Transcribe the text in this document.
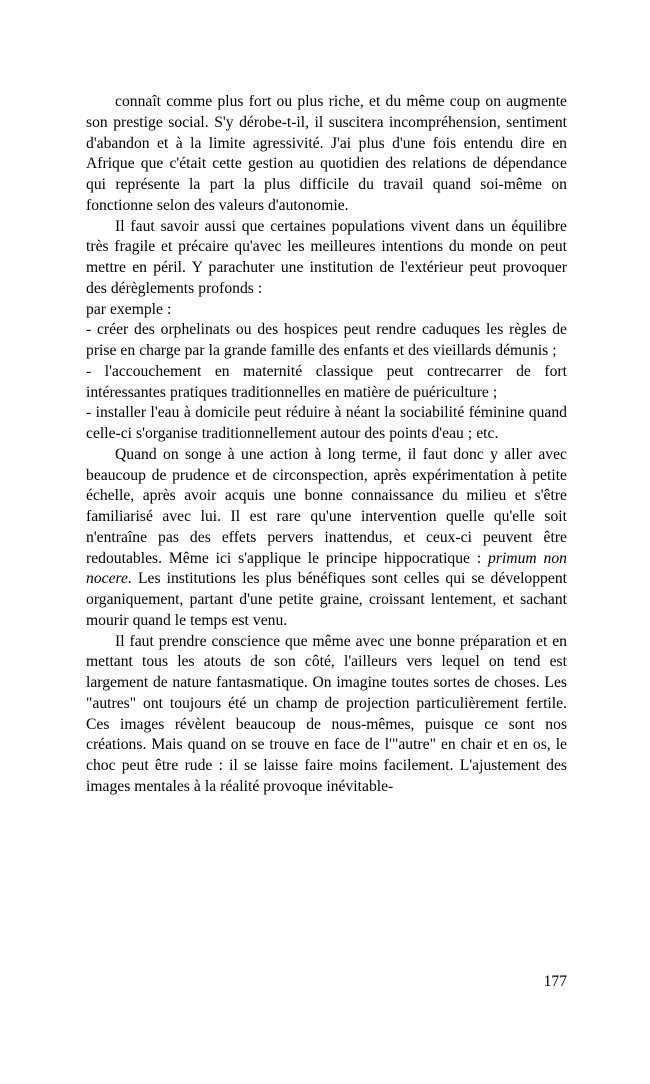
connaît comme plus fort ou plus riche, et du même coup on augmente son prestige social. S'y dérobe-t-il, il suscitera incompréhension, sentiment d'abandon et à la limite agressivité. J'ai plus d'une fois entendu dire en Afrique que c'était cette gestion au quotidien des relations de dépendance qui représente la part la plus difficile du travail quand soi-même on fonctionne selon des valeurs d'autonomie.

Il faut savoir aussi que certaines populations vivent dans un équilibre très fragile et précaire qu'avec les meilleures intentions du monde on peut mettre en péril. Y parachuter une institution de l'extérieur peut provoquer des dérèglements profonds :

par exemple :

- créer des orphelinats ou des hospices peut rendre caduques les règles de prise en charge par la grande famille des enfants et des vieillards démunis ;

- l'accouchement en maternité classique peut contrecarrer de fort intéressantes pratiques traditionnelles en matière de puériculture ;

- installer l'eau à domicile peut réduire à néant la sociabilité féminine quand celle-ci s'organise traditionnellement autour des points d'eau ; etc.

Quand on songe à une action à long terme, il faut donc y aller avec beaucoup de prudence et de circonspection, après expérimentation à petite échelle, après avoir acquis une bonne connaissance du milieu et s'être familiarisé avec lui. Il est rare qu'une intervention quelle qu'elle soit n'entraîne pas des effets pervers inattendus, et ceux-ci peuvent être redoutables. Même ici s'applique le principe hippocratique : primum non nocere. Les institutions les plus bénéfiques sont celles qui se développent organiquement, partant d'une petite graine, croissant lentement, et sachant mourir quand le temps est venu.

Il faut prendre conscience que même avec une bonne préparation et en mettant tous les atouts de son côté, l'ailleurs vers lequel on tend est largement de nature fantasmatique. On imagine toutes sortes de choses. Les "autres" ont toujours été un champ de projection particulièrement fertile. Ces images révèlent beaucoup de nous-mêmes, puisque ce sont nos créations. Mais quand on se trouve en face de l'"autre" en chair et en os, le choc peut être rude : il se laisse faire moins facilement. L'ajustement des images mentales à la réalité provoque inévitable-

177
